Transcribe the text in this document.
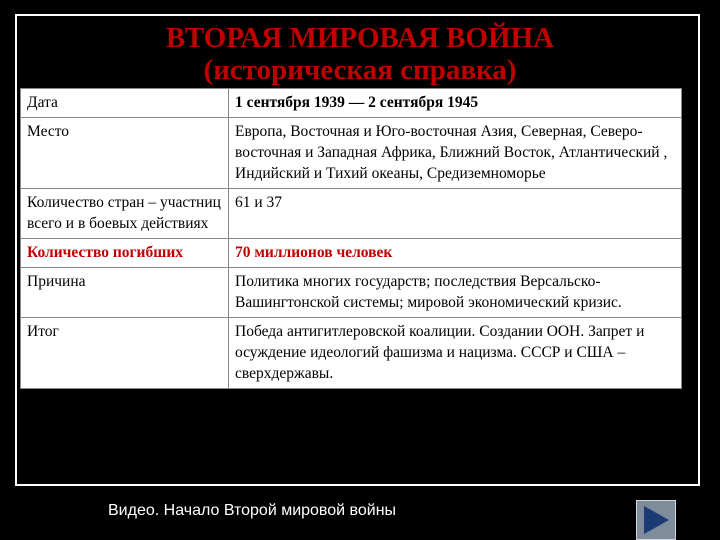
ВТОРАЯ МИРОВАЯ ВОЙНА
(историческая справка)
Дата	1 сентября 1939 — 2 сентября 1945
Место	Европа, Восточная и Юго-восточная Азия, Северная, Северо-восточная и Западная Африка, Ближний Восток, Атлантический , Индийский и Тихий океаны, Средиземноморье
Количество стран – участниц всего и в боевых действиях	61 и 37
Количество погибших	70 миллионов человек
Причина	Политика многих государств; последствия Версальско-Вашингтонской системы; мировой экономический кризис.
Итог	Победа антигитлеровской коалиции. Создании ООН. Запрет и осуждение идеологий фашизма и нацизма. СССР и США – сверхдержавы.
Видео. Начало Второй мировой войны
